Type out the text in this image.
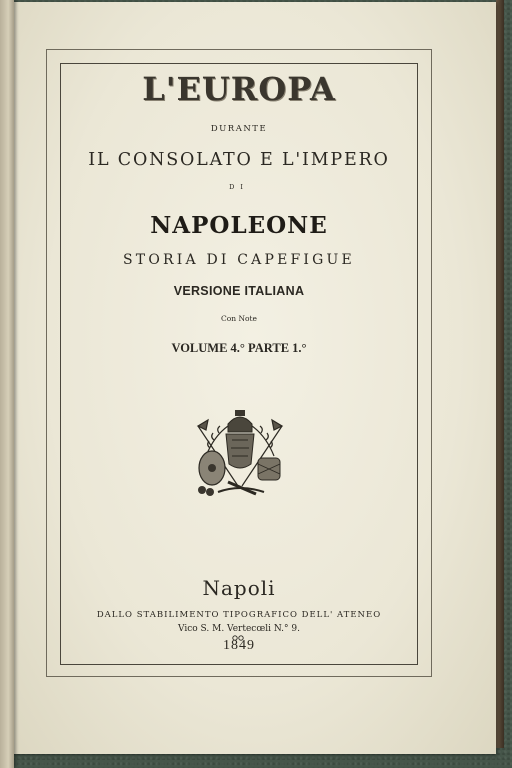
L'EUROPA
DURANTE
IL CONSOLATO E L'IMPERO
DI
NAPOLEONE
STORIA DI CAPEFIGUE
VERSIONE ITALIANA
Con Note
VOLUME 4.° PARTE 1.°
Napoli
DALLO STABILIMENTO TIPOGRAFICO DELL' ATENEO
Vico S. M. Vertecœli N.° 9.
1849
